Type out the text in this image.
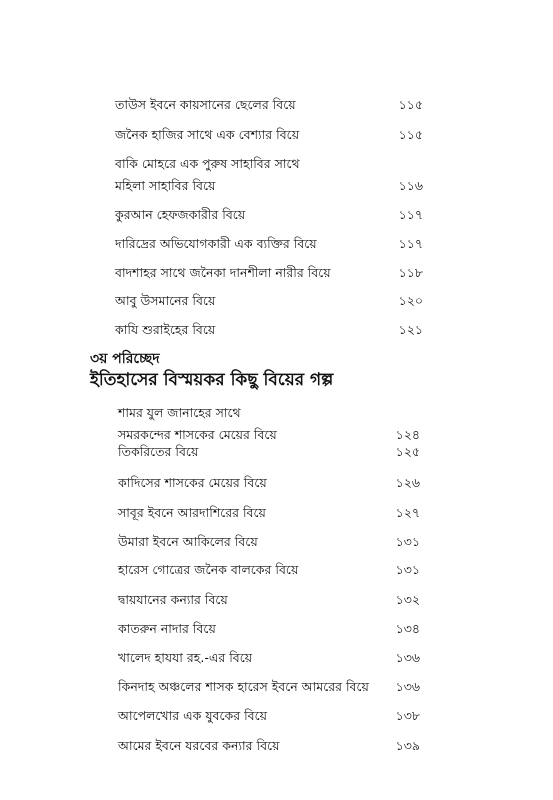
তাউস ইবনে কায়সানের ছেলের বিয়ে	১১৫
জনৈক হাজির সাথে এক বেশ্যার বিয়ে	১১৫
বাকি মোহরে এক পুরুষ সাহাবির সাথে
মহিলা সাহাবির বিয়ে	১১৬
কুরআন হেফজকারীর বিয়ে	১১৭
দারিদ্রের অভিযোগকারী এক ব্যক্তির বিয়ে	১১৭
বাদশাহর সাথে জনৈকা দানশীলা নারীর বিয়ে	১১৮
আবু উসমানের বিয়ে	১২০
কাযি শুরাইহের বিয়ে	১২১
৩য় পরিচ্ছেদ
ইতিহাসের বিস্ময়কর কিছু বিয়ের গল্প
শামর যুল জানাহের সাথে
সমরকন্দের শাসকের মেয়ের বিয়ে	১২৪
তিকরিতের বিয়ে	১২৫
কাদিসের শাসকের মেয়ের বিয়ে	১২৬
সাবূর ইবনে আরদাশিরের বিয়ে	১২৭
উমারা ইবনে আকিলের বিয়ে	১৩১
হারেস গোত্রের জনৈক বালকের বিয়ে	১৩১
দ্বায়যানের কন্যার বিয়ে	১৩২
কাতরুন নাদার বিয়ে	১৩৪
খালেদ হাযযা রহ.-এর বিয়ে	১৩৬
কিনদাহ অঞ্চলের শাসক হারেস ইবনে আমরের বিয়ে	১৩৬
আপেলখোর এক যুবকের বিয়ে	১৩৮
আমের ইবনে যরবের কন্যার বিয়ে	১৩৯
